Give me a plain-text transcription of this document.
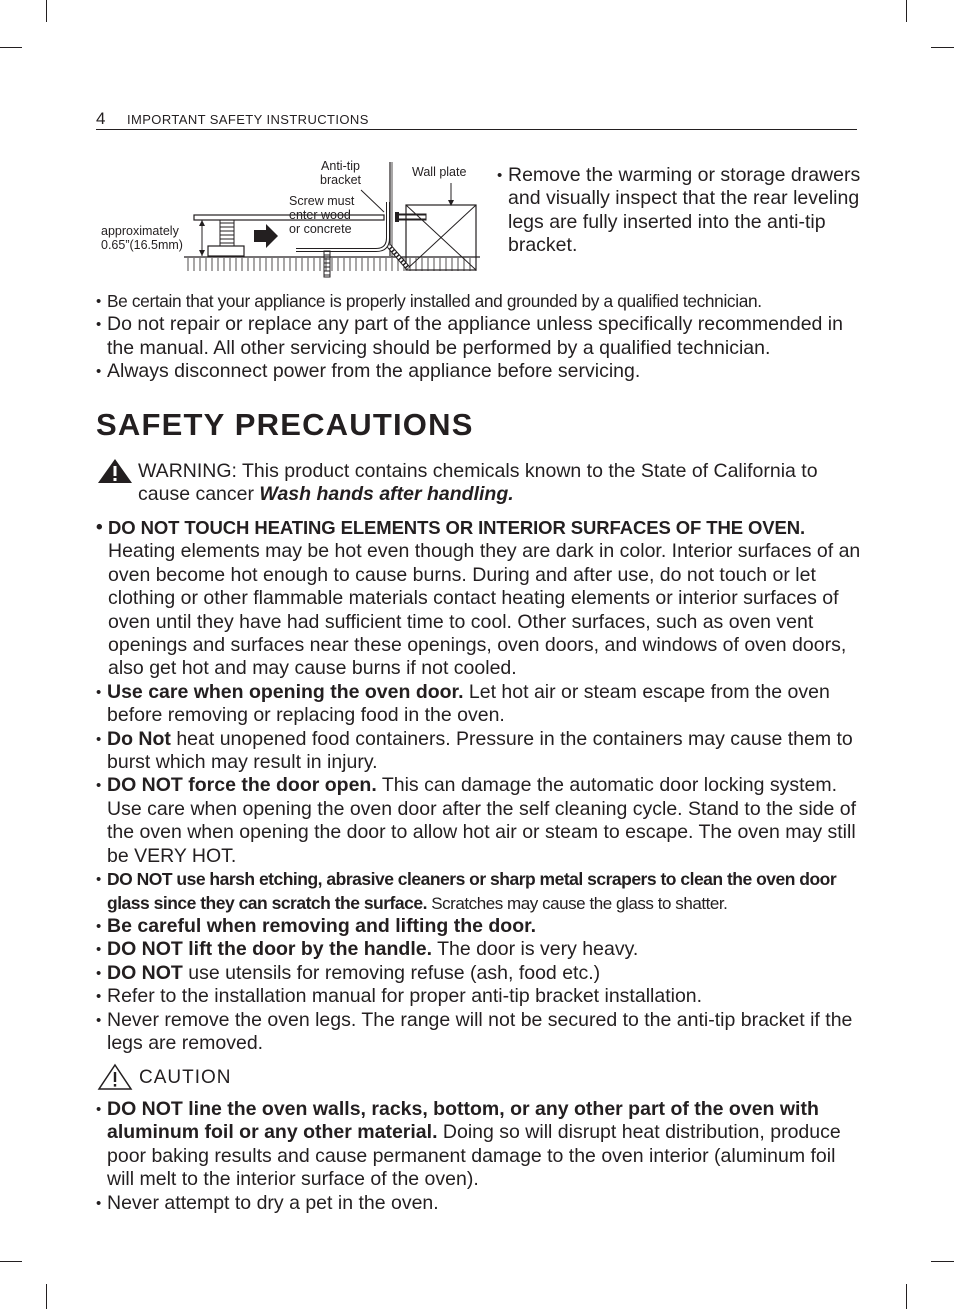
4 IMPORTANT SAFETY INSTRUCTIONS
Anti-tip
bracket
Wall plate
Screw must
enter wood
or concrete
approximately
0.65”(16.5mm)
• Remove the warming or storage drawers and visually inspect that the rear leveling legs are fully inserted into the anti-tip bracket.
• Be certain that your appliance is properly installed and grounded by a qualified technician.
• Do not repair or replace any part of the appliance unless specifically recommended in the manual. All other servicing should be performed by a qualified technician.
• Always disconnect power from the appliance before servicing.
SAFETY PRECAUTIONS
WARNING: This product contains chemicals known to the State of California to cause cancer Wash hands after handling.
• DO NOT TOUCH HEATING ELEMENTS OR INTERIOR SURFACES OF THE OVEN. Heating elements may be hot even though they are dark in color. Interior surfaces of an oven become hot enough to cause burns. During and after use, do not touch or let clothing or other flammable materials contact heating elements or interior surfaces of oven until they have had sufficient time to cool. Other surfaces, such as oven vent openings and surfaces near these openings, oven doors, and windows of oven doors, also get hot and may cause burns if not cooled.
• Use care when opening the oven door. Let hot air or steam escape from the oven before removing or replacing food in the oven.
• Do Not heat unopened food containers. Pressure in the containers may cause them to burst which may result in injury.
• DO NOT force the door open. This can damage the automatic door locking system. Use care when opening the oven door after the self cleaning cycle. Stand to the side of the oven when opening the door to allow hot air or steam to escape. The oven may still be VERY HOT.
• DO NOT use harsh etching, abrasive cleaners or sharp metal scrapers to clean the oven door glass since they can scratch the surface. Scratches may cause the glass to shatter.
• Be careful when removing and lifting the door.
• DO NOT lift the door by the handle. The door is very heavy.
• DO NOT use utensils for removing refuse (ash, food etc.)
• Refer to the installation manual for proper anti-tip bracket installation.
• Never remove the oven legs. The range will not be secured to the anti-tip bracket if the legs are removed.
CAUTION
• DO NOT line the oven walls, racks, bottom, or any other part of the oven with aluminum foil or any other material. Doing so will disrupt heat distribution, produce poor baking results and cause permanent damage to the oven interior (aluminum foil will melt to the interior surface of the oven).
• Never attempt to dry a pet in the oven.
